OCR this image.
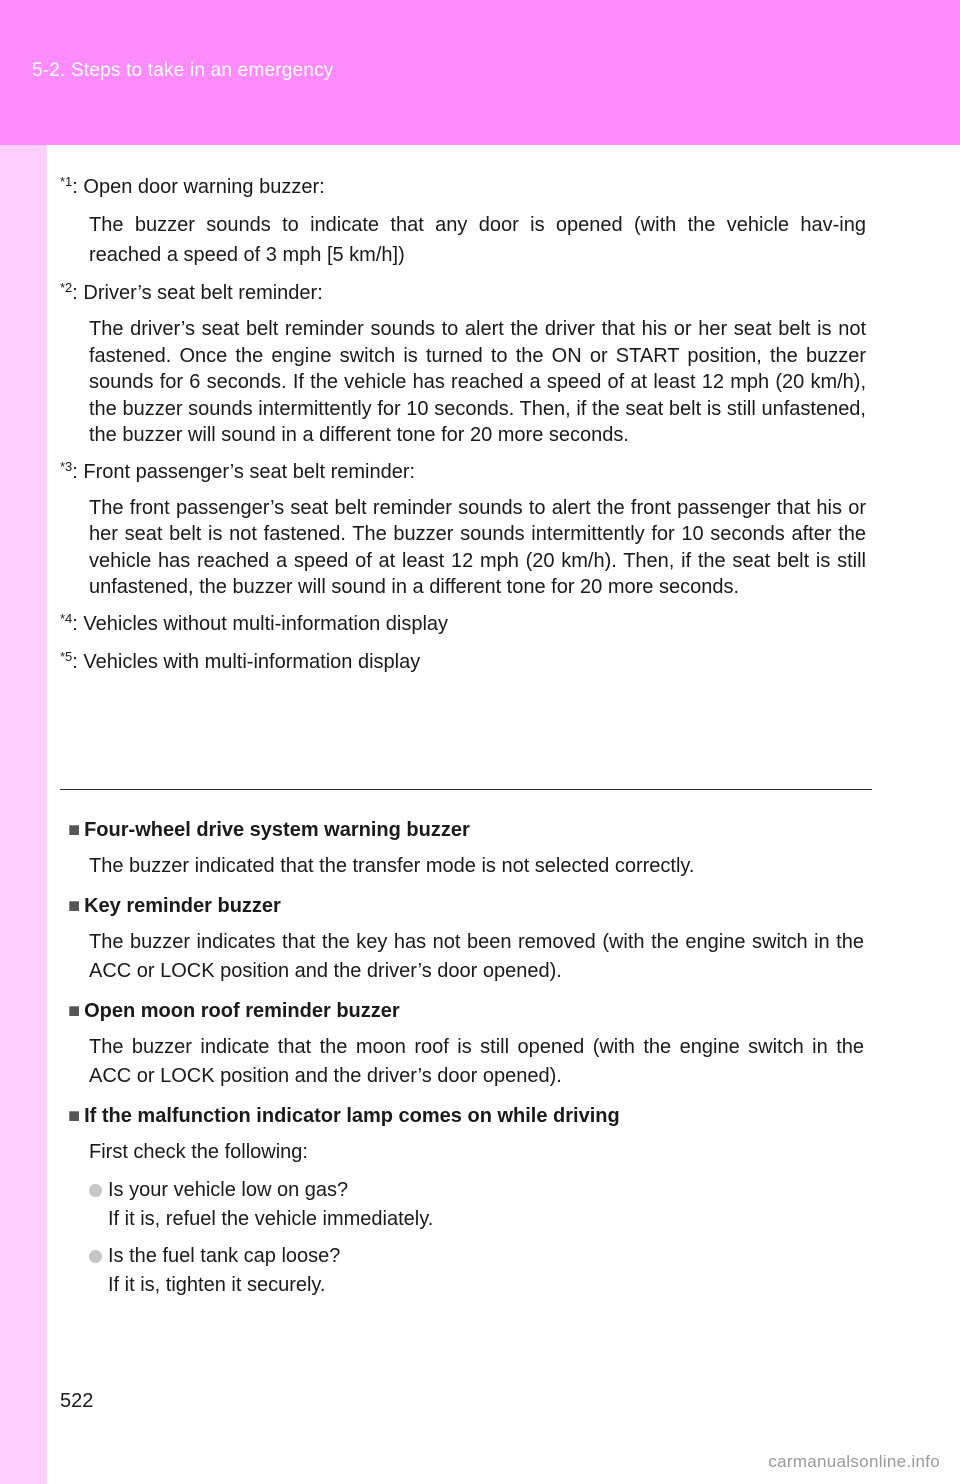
5-2. Steps to take in an emergency
$^{*1}$: Open door warning buzzer:
The buzzer sounds to indicate that any door is opened (with the vehicle hav-ing reached a speed of 3 mph [5 km/h])
$^{*2}$: Driver’s seat belt reminder:
The driver’s seat belt reminder sounds to alert the driver that his or her seat belt is not fastened. Once the engine switch is turned to the ON or START position, the buzzer sounds for 6 seconds. If the vehicle has reached a speed of at least 12 mph (20 km/h), the buzzer sounds intermittently for 10 seconds. Then, if the seat belt is still unfastened, the buzzer will sound in a different tone for 20 more seconds.
$^{*3}$: Front passenger’s seat belt reminder:
The front passenger’s seat belt reminder sounds to alert the front passenger that his or her seat belt is not fastened. The buzzer sounds intermittently for 10 seconds after the vehicle has reached a speed of at least 12 mph (20 km/h). Then, if the seat belt is still unfastened, the buzzer will sound in a different tone for 20 more seconds.
$^{*4}$: Vehicles without multi-information display
$^{*5}$: Vehicles with multi-information display
■ Four-wheel drive system warning buzzer
The buzzer indicated that the transfer mode is not selected correctly.
■ Key reminder buzzer
The buzzer indicates that the key has not been removed (with the engine switch in the ACC or LOCK position and the driver’s door opened).
■ Open moon roof reminder buzzer
The buzzer indicate that the moon roof is still opened (with the engine switch in the ACC or LOCK position and the driver’s door opened).
■ If the malfunction indicator lamp comes on while driving
First check the following:
Is your vehicle low on gas?
If it is, refuel the vehicle immediately.
Is the fuel tank cap loose?
If it is, tighten it securely.
522
carmanualsonline.info
